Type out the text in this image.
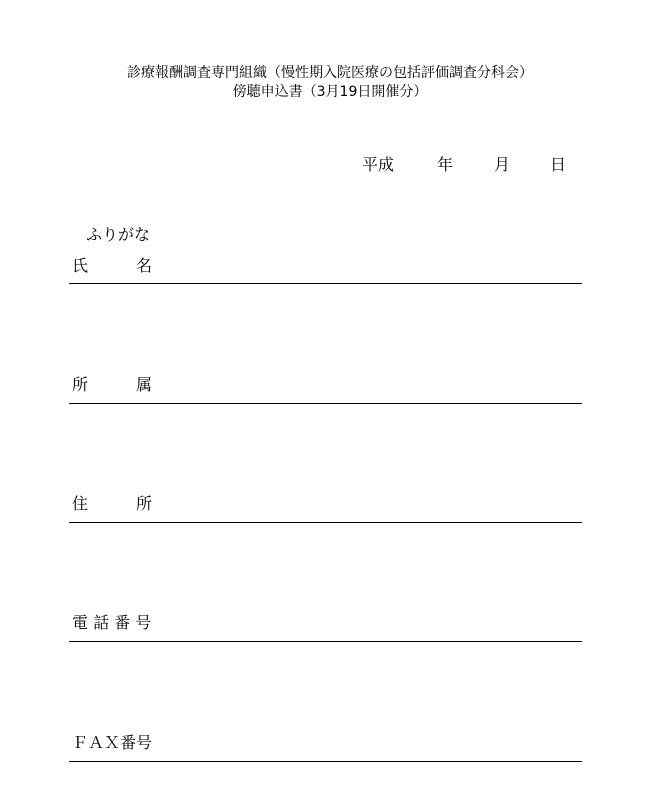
診療報酬調査専門組織（慢性期入院医療の包括評価調査分科会）
傍聴申込書（3月19日開催分）
平成	年	月 日
ふりがな
氏　　　名
所　　　属
住　　　所
電 話 番 号
ＦＡＸ番号
